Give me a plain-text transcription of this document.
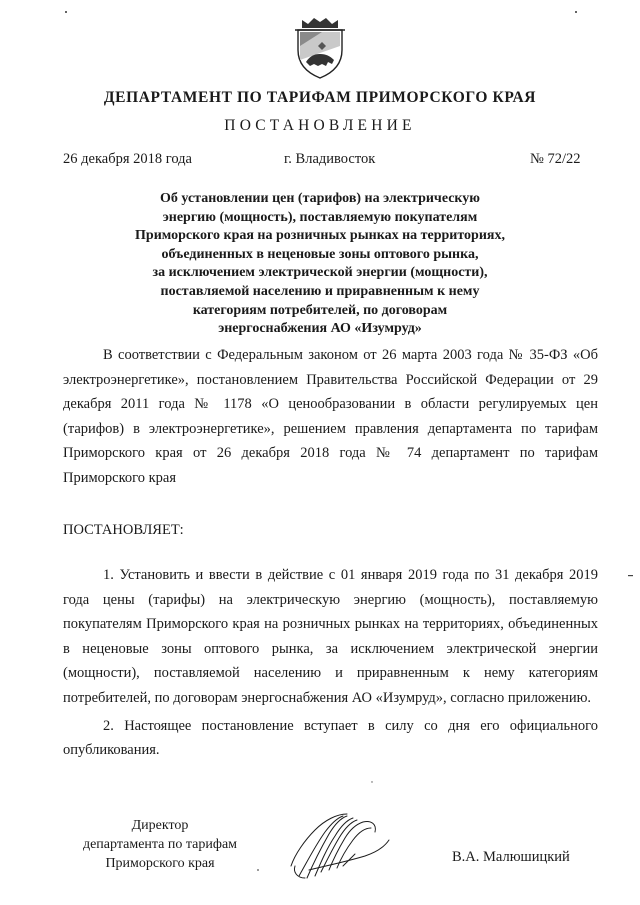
ДЕПАРТАМЕНТ ПО ТАРИФАМ ПРИМОРСКОГО КРАЯ
ПОСТАНОВЛЕНИЕ
26 декабря 2018 года	г. Владивосток	№ 72/22
Об установлении цен (тарифов) на электрическую
энергию (мощность), поставляемую покупателям
Приморского края на розничных рынках на территориях,
объединенных в неценовые зоны оптового рынка,
за исключением электрической энергии (мощности),
поставляемой населению и приравненным к нему
категориям потребителей, по договорам
энергоснабжения АО «Изумруд»

В соответствии с Федеральным законом от 26 марта 2003 года № 35-ФЗ «Об электроэнергетике», постановлением Правительства Российской Федерации от 29 декабря 2011 года № 1178 «О ценообразовании в области регулируемых цен (тарифов) в электроэнергетике», решением правления департамента по тарифам Приморского края от 26 декабря 2018 года № 74 департамент по тарифам Приморского края

ПОСТАНОВЛЯЕТ:

1. Установить и ввести в действие с 01 января 2019 года по 31 декабря 2019 года цены (тарифы) на электрическую энергию (мощность), поставляемую покупателям Приморского края на розничных рынках на территориях, объединенных в неценовые зоны оптового рынка, за исключением электрической энергии (мощности), поставляемой населению и приравненным к нему категориям потребителей, по договорам энергоснабжения АО «Изумруд», согласно приложению.

2. Настоящее постановление вступает в силу со дня его официального опубликования.

Директор
департамента по тарифам
Приморского края	В.А. Малюшицкий
